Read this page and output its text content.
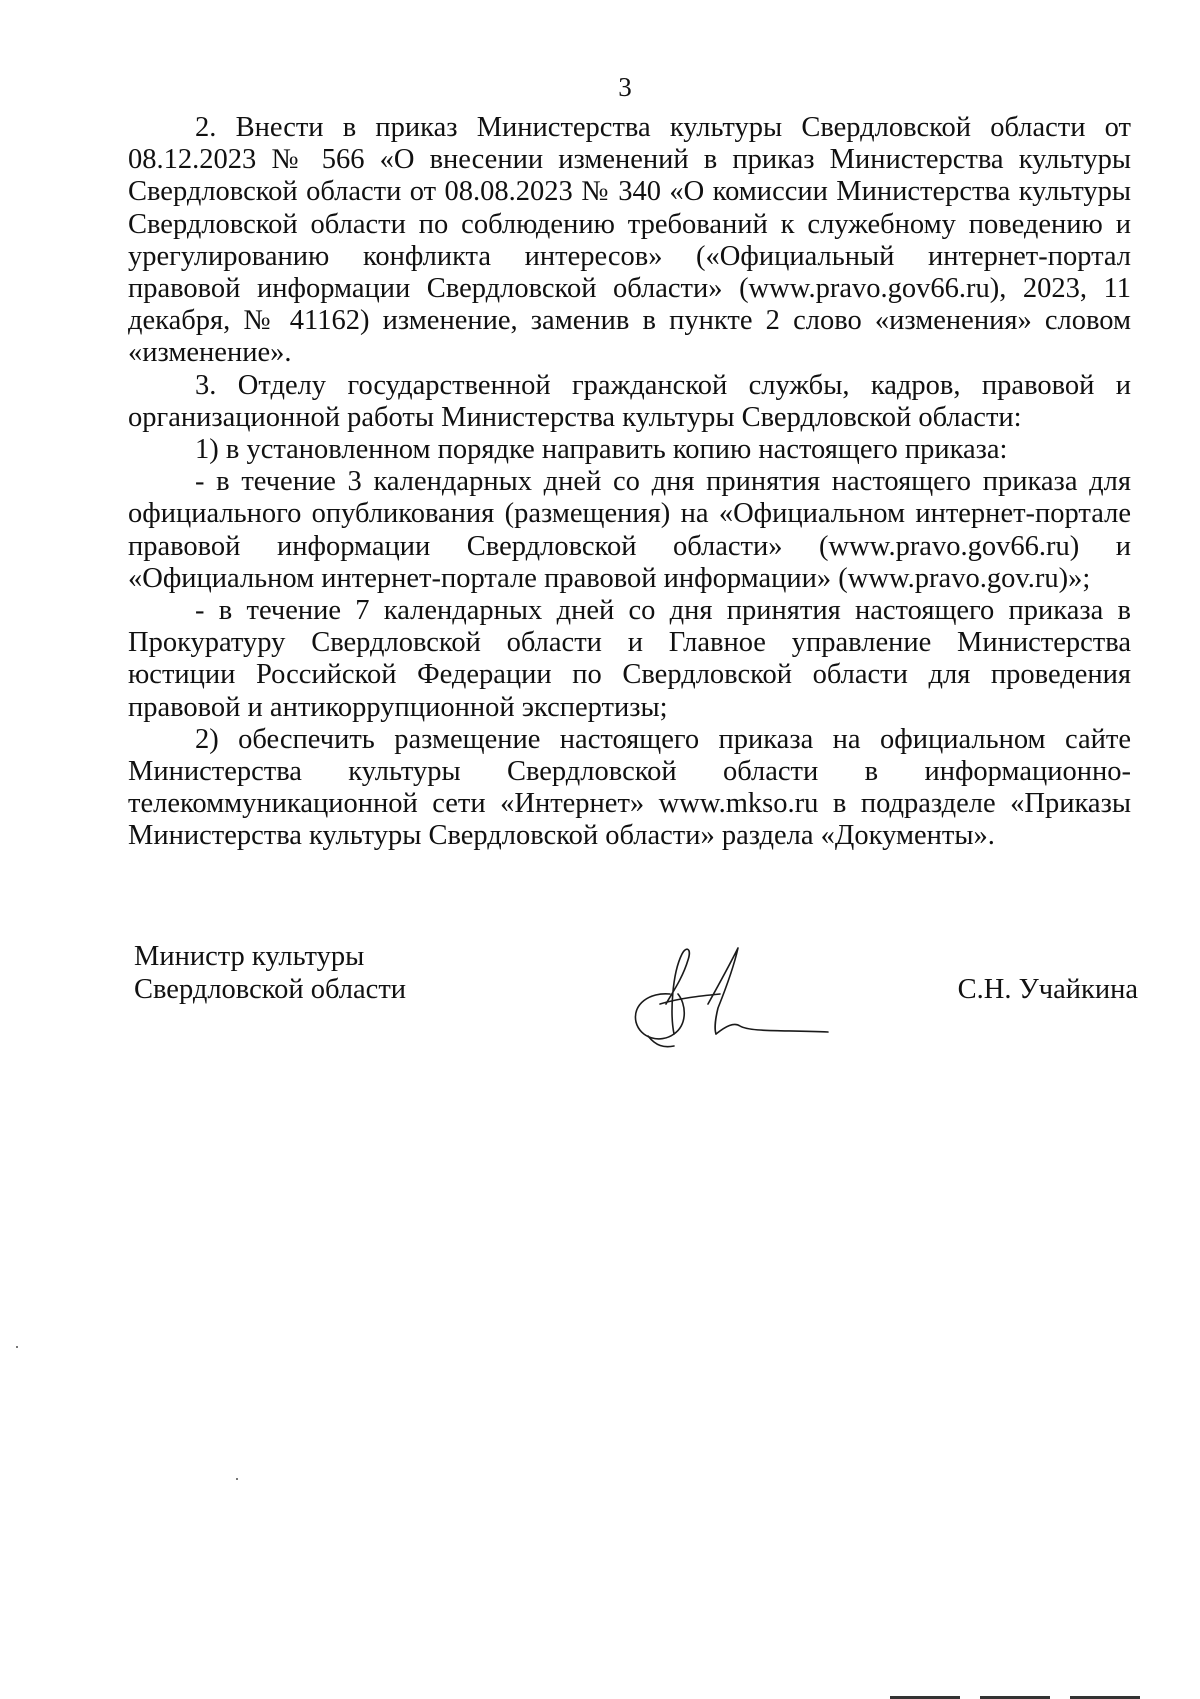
3

2. Внести в приказ Министерства культуры Свердловской области от 08.12.2023 № 566 «О внесении изменений в приказ Министерства культуры Свердловской области от 08.08.2023 № 340 «О комиссии Министерства культуры Свердловской области по соблюдению требований к служебному поведению и урегулированию конфликта интересов» («Официальный интернет-портал правовой информации Свердловской области» (www.pravo.gov66.ru), 2023, 11 декабря, № 41162) изменение, заменив в пункте 2 слово «изменения» словом «изменение».

3. Отделу государственной гражданской службы, кадров, правовой и организационной работы Министерства культуры Свердловской области:

1) в установленном порядке направить копию настоящего приказа:

- в течение 3 календарных дней со дня принятия настоящего приказа для официального опубликования (размещения) на «Официальном интернет-портале правовой информации Свердловской области» (www.pravo.gov66.ru) и «Официальном интернет-портале правовой информации» (www.pravo.gov.ru)»;

- в течение 7 календарных дней со дня принятия настоящего приказа в Прокуратуру Свердловской области и Главное управление Министерства юстиции Российской Федерации по Свердловской области для проведения правовой и антикоррупционной экспертизы;

2) обеспечить размещение настоящего приказа на официальном сайте Министерства культуры Свердловской области в информационно-телекоммуникационной сети «Интернет» www.mkso.ru в подразделе «Приказы Министерства культуры Свердловской области» раздела «Документы».

Министр культуры
Свердловской области	С.Н. Учайкина
